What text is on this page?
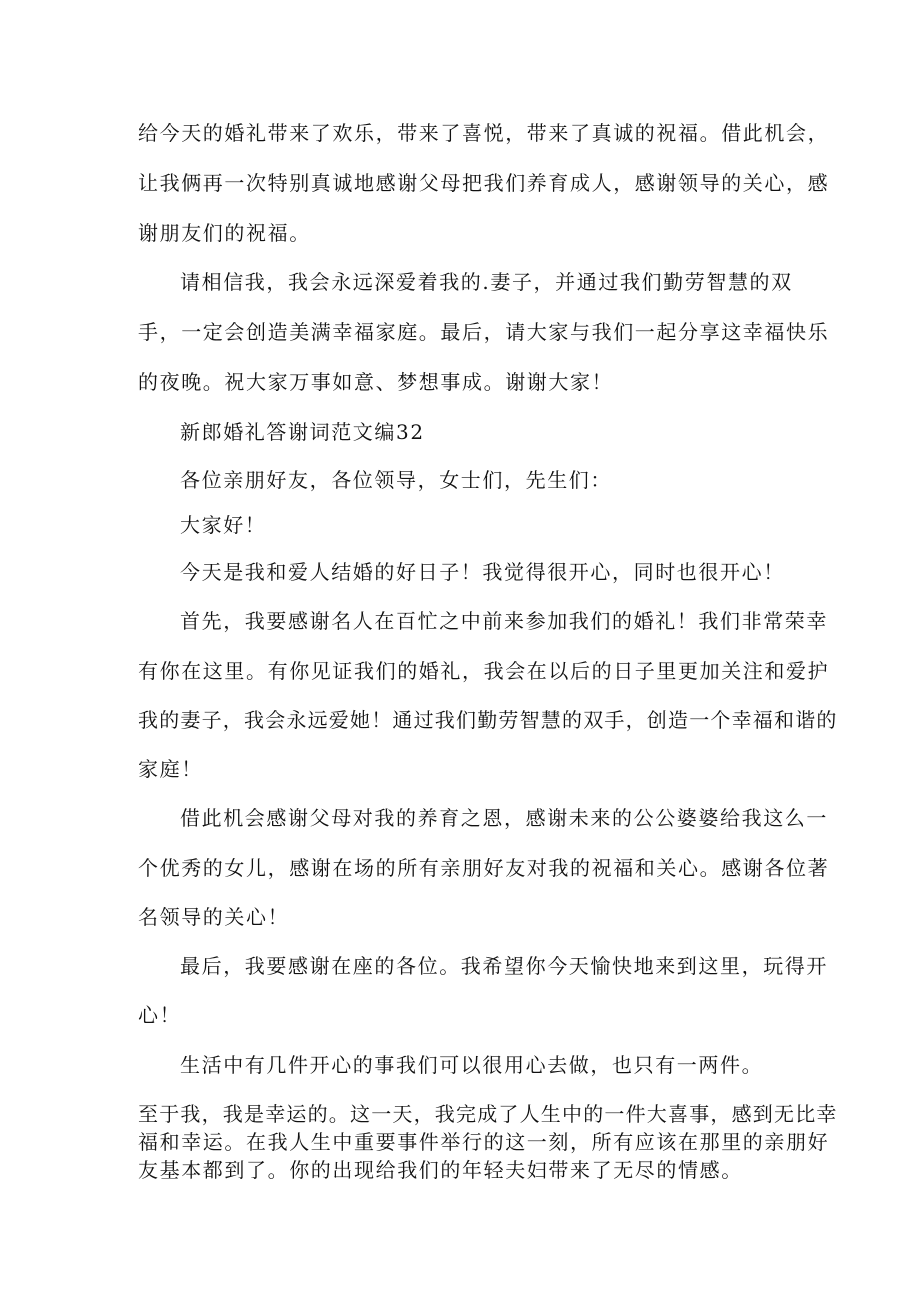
给今天的婚礼带来了欢乐，带来了喜悦，带来了真诚的祝福。借此机会，
让我俩再一次特别真诚地感谢父母把我们养育成人，感谢领导的关心，感
谢朋友们的祝福。
请相信我，我会永远深爱着我的.妻子，并通过我们勤劳智慧的双
手，一定会创造美满幸福家庭。最后，请大家与我们一起分享这幸福快乐
的夜晚。祝大家万事如意、梦想事成。谢谢大家！
新郎婚礼答谢词范文编32
各位亲朋好友，各位领导，女士们，先生们：
大家好！
今天是我和爱人结婚的好日子！我觉得很开心，同时也很开心！
首先，我要感谢名人在百忙之中前来参加我们的婚礼！我们非常荣幸
有你在这里。有你见证我们的婚礼，我会在以后的日子里更加关注和爱护
我的妻子，我会永远爱她！通过我们勤劳智慧的双手，创造一个幸福和谐的
家庭！
借此机会感谢父母对我的养育之恩，感谢未来的公公婆婆给我这么一
个优秀的女儿，感谢在场的所有亲朋好友对我的祝福和关心。感谢各位著
名领导的关心！
最后，我要感谢在座的各位。我希望你今天愉快地来到这里，玩得开
心！
生活中有几件开心的事我们可以很用心去做，也只有一两件。
至于我，我是幸运的。这一天，我完成了人生中的一件大喜事，感到无比幸
福和幸运。在我人生中重要事件举行的这一刻，所有应该在那里的亲朋好
友基本都到了。你的出现给我们的年轻夫妇带来了无尽的情感。
